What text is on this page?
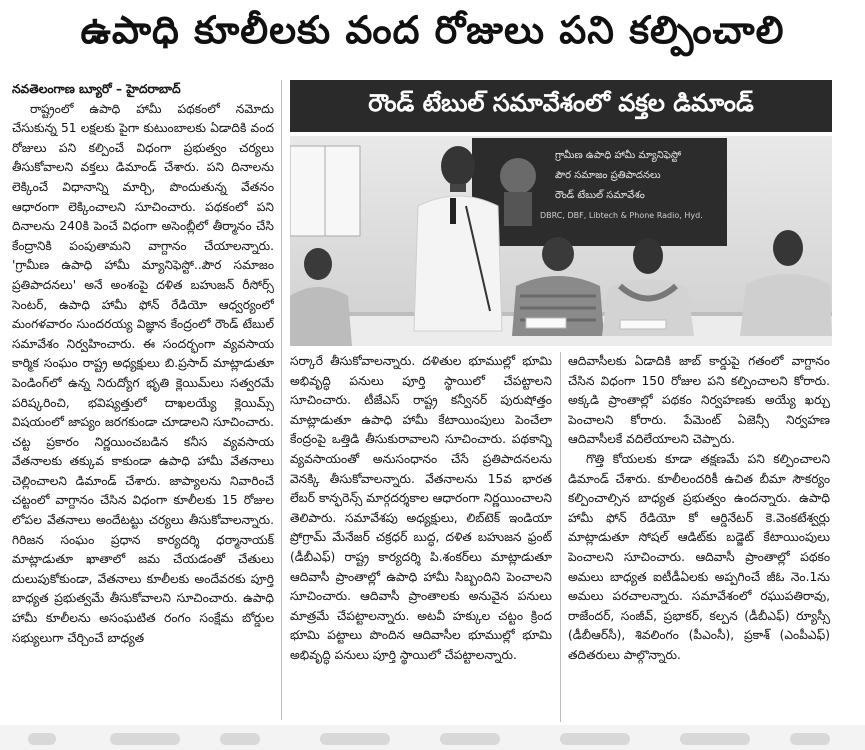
ఉపాధి కూలీలకు వంద రోజులు పని కల్పించాలి

నవతెలంగాణ బ్యూరో – హైదరాబాద్

రాష్ట్రంలో ఉపాధి హామీ పథకంలో నమోదు చేసుకున్న 51 లక్షలకు పైగా కుటుంబాలకు ఏడాదికి వంద రోజులు పని కల్పించే విధంగా ప్రభుత్వం చర్యలు తీసుకోవాలని వక్తలు డిమాండ్ చేశారు. పని దినాలను లెక్కించే విధానాన్ని మార్చి, పొందుతున్న వేతనం ఆధారంగా లెక్కించాలని సూచించారు. పథకంలో పని దినాలను 240కి పెంచే విధంగా అసెంబ్లీలో తీర్మానం చేసి కేంద్రానికి పంపుతామని వాగ్దానం చేయాలన్నారు. 'గ్రామీణ ఉపాధి హామీ మ్యానిఫెస్టో..పౌర సమాజం ప్రతిపాదనలు' అనే అంశంపై దళిత బహుజన్ రీసోర్స్ సెంటర్, ఉపాధి హామీ ఫోన్ రేడియో ఆధ్వర్యంలో మంగళవారం సుందరయ్య విజ్ఞాన కేంద్రంలో రౌండ్ టేబుల్ సమావేశం నిర్వహించారు. ఈ సందర్భంగా వ్యవసాయ కార్మిక సంఘం రాష్ట్ర అధ్యక్షులు బి.ప్రసాద్ మాట్లాడుతూ పెండింగ్‌లో ఉన్న నిరుద్యోగ భృతి క్లెయిమ్‌లు సత్వరమే పరిష్కరించి, భవిష్యత్తులో దాఖలయ్యే క్లెయిమ్స్ విషయంలో జాప్యం జరగకుండా చూడాలని సూచించారు. చట్ట ప్రకారం నిర్ణయించబడిన కనీస వ్యవసాయ వేతనాలకు తక్కువ కాకుండా ఉపాధి హామీ వేతనాలు చెల్లించాలని డిమాండ్ చేశారు. జాప్యాలను నివారించే చట్టంలో వాగ్దానం చేసిన విధంగా కూలీలకు 15 రోజుల లోపల వేతనాలు అందేటట్టు చర్యలు తీసుకోవాలన్నారు. గిరిజన సంఘం ప్రధాన కార్యదర్శి ధర్మానాయక్ మాట్లాడుతూ ఖాతాలో జమ చేయడంతో చేతులు దులుపుకోకుండా, వేతనాలు కూలీలకు అందేవరకు పూర్తి బాధ్యత ప్రభుత్వమే తీసుకోవాలని సూచించారు. ఉపాధి హామీ కూలీలను అసంఘటిత రంగం సంక్షేమ బోర్డుల సభ్యులుగా చేర్చించే బాధ్యత

రౌండ్ టేబుల్ సమావేశంలో వక్తల డిమాండ్
గ్రామీణ ఉపాధి హామీ మ్యానిఫెస్టో
పౌర సమాజం ప్రతిపాదనలు
రౌండ్ టేబుల్ సమావేశం
DBRC, DBF, Libtech & Phone Radio, Hyd.

సర్కారే తీసుకోవాలన్నారు. దళితుల భూముల్లో భూమి అభివృద్ధి పనులు పూర్తి స్థాయిలో చేపట్టాలని సూచించారు. టీజేఎస్ రాష్ట్ర కన్వీనర్ పురుషోత్తం మాట్లాడుతూ ఉపాధి హామీ కేటాయింపులు పెంచేలా కేంద్రంపై ఒత్తిడి తీసుకురావాలని సూచించారు. పథకాన్ని వ్యవసాయంతో అనుసంధానం చేసే ప్రతిపాదనలను వెనక్కి తీసుకోవాలన్నారు. వేతనాలను 15వ భారత లేబర్ కాన్ఫరెన్స్ మార్గదర్శకాల ఆధారంగా నిర్ణయించాలని తెలిపారు. సమావేశపు అధ్యక్షులు, లిబ్‌టెక్ ఇండియా ప్రోగ్రామ్ మేనేజర్ చక్రధర్ బుద్ధ, దళిత బహుజన ఫ్రంట్ (డీబీఎఫ్) రాష్ట్ర కార్యదర్శి పి.శంకర్‌లు మాట్లాడుతూ ఆదివాసీ ప్రాంతాల్లో ఉపాధి హామీ సిబ్బందిని పెంచాలని సూచించారు. ఆదివాసీ ప్రాంతాలకు అనువైన పనులు మాత్రమే చేపట్టాలన్నారు. అటవీ హక్కుల చట్టం క్రింద భూమి పట్టాలు పొందిన ఆదివాసీల భూముల్లో భూమి అభివృద్ధి పనులు పూర్తి స్థాయిలో చేపట్టాలన్నారు.

ఆదివాసీలకు ఏడాదికి జాబ్ కార్డుపై గతంలో వాగ్దానం చేసిన విధంగా 150 రోజుల పని కల్పించాలని కోరారు. అక్కడి ప్రాంతాల్లో పథకం నిర్వహణకు అయ్యే ఖర్చు పెంచాలని కోరారు. పేమెంట్ ఏజెన్సీ నిర్వహణ ఆదివాసీలకే వదిలేయాలని చెప్పారు.

గొత్తి కోయలకు కూడా తక్షణమే పని కల్పించాలని డిమాండ్ చేశారు. కూలీలందరికీ ఉచిత బీమా సౌకర్యం కల్పించాల్సిన బాధ్యత ప్రభుత్వం ఉందన్నారు. ఉపాధి హామీ ఫోన్ రేడియో కో ఆర్డినేటర్ కె.వెంకటేశ్వర్లు మాట్లాడుతూ సోషల్ ఆడిట్‌కు బడ్జెట్ కేటాయింపులు పెంచాలని సూచించారు. ఆదివాసీ ప్రాంతాల్లో పథకం అమలు బాధ్యత ఐటీడీఏలకు అప్పగించే జీఓ నెం.1ను అమలు పరచాలన్నారు. సమావేశంలో రఘుపతిరావు, రాజేందర్, సంజీవ్, ప్రభాకర్, కల్పన (డీబీఎఫ్) ర్యూస్సీ (డీబీఆర్‌సీ), శివలింగం (పీఎంసీ), ప్రకాశ్ (ఎంపీఎఫ్) తదితరులు పాల్గొన్నారు.
